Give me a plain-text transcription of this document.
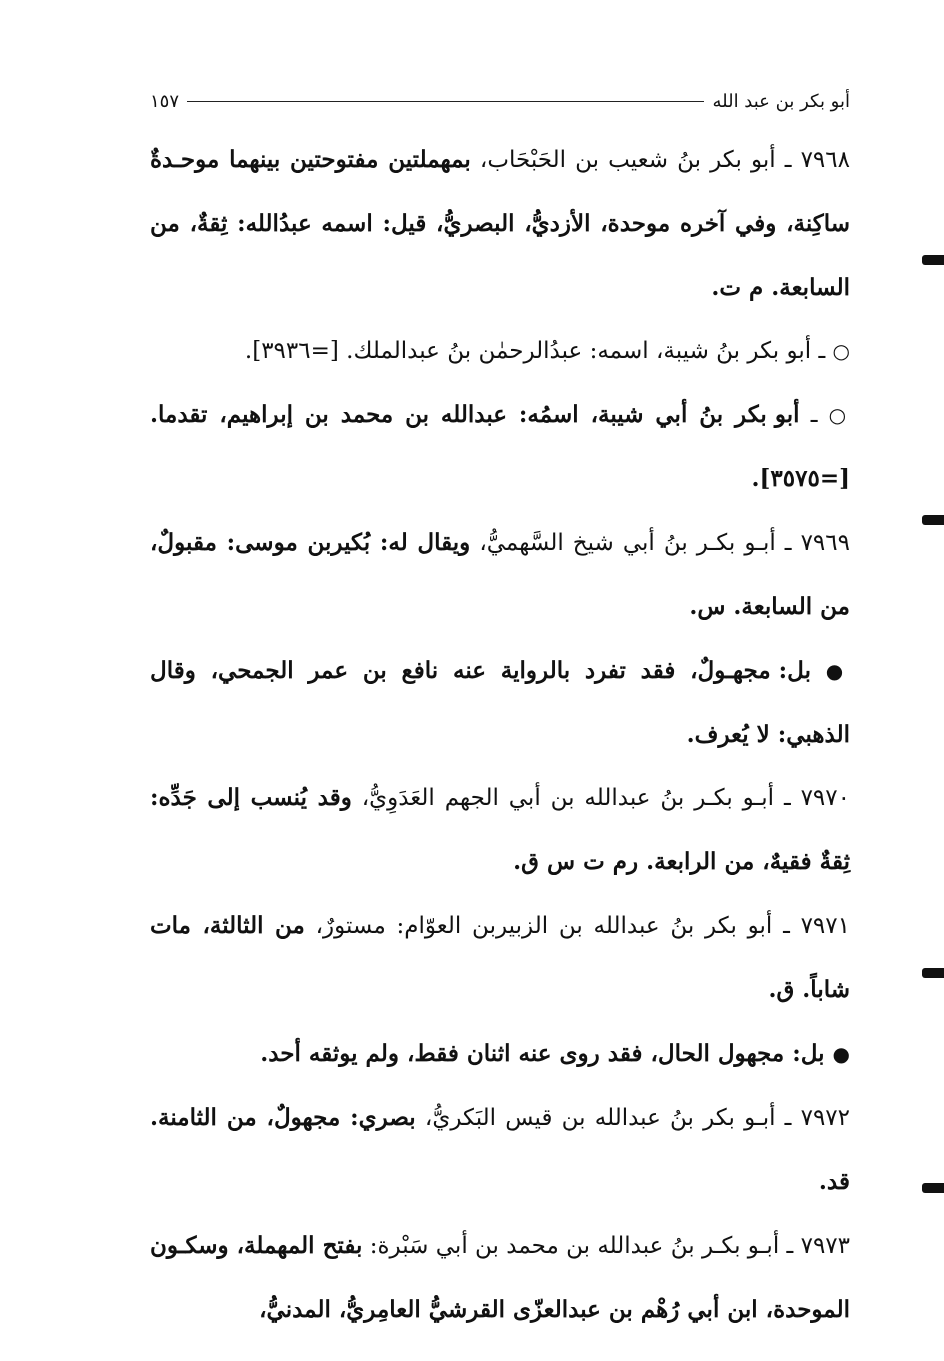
أبو بكر بن عبد الله
١٥٧

٧٩٦٨ ـ أبو بكر بنُ شعيب بن الحَبْحَاب، بمهملتين مفتوحتين بينهما موحـدةٌ ساكِنة، وفي آخره موحدة، الأزديُّ، البصريُّ، قيل: اسمه عبدُالله: ثِقةٌ، من السابعة. م ت.

○ ـ أبو بكر بنُ شيبة، اسمه: عبدُالرحمٰن بنُ عبدالملك. [=٣٩٣٦].

○ ـ أبو بكر بنُ أبي شيبة، اسمُه: عبدالله بن محمد بن إبراهيم، تقدما. [=٣٥٧٥].

٧٩٦٩ ـ أبـو بكـر بنُ أبي شيخ السَّهميُّ، ويقال له: بُكيربن موسى: مقبولٌ، من السابعة. س.

● بل: مجهـولٌ، فقد تفرد بالرواية عنه نافع بن عمر الجمحي، وقال الذهبي: لا يُعرف.

٧٩٧٠ ـ أبـو بكـر بنُ عبدالله بن أبي الجهم العَدَوِيُّ، وقد يُنسب إلى جَدِّه: ثِقةٌ فقيهٌ، من الرابعة. رم ت س ق.

٧٩٧١ ـ أبو بكر بنُ عبدالله بن الزبيربن العوّام: مستورٌ، من الثالثة، مات شاباً. ق.

● بل: مجهول الحال، فقد روى عنه اثنان فقط، ولم يوثقه أحد.

٧٩٧٢ ـ أبـو بكر بنُ عبدالله بن قيس البَكريُّ، بصري: مجهولٌ، من الثامنة. قد.

٧٩٧٣ ـ أبـو بكـر بنُ عبدالله بن محمد بن أبي سَبْرة: بفتح المهملة، وسكـون الموحدة، ابن أبي رُهْم بن عبدالعزّى القرشيُّ العامِريُّ، المدنيُّ،
